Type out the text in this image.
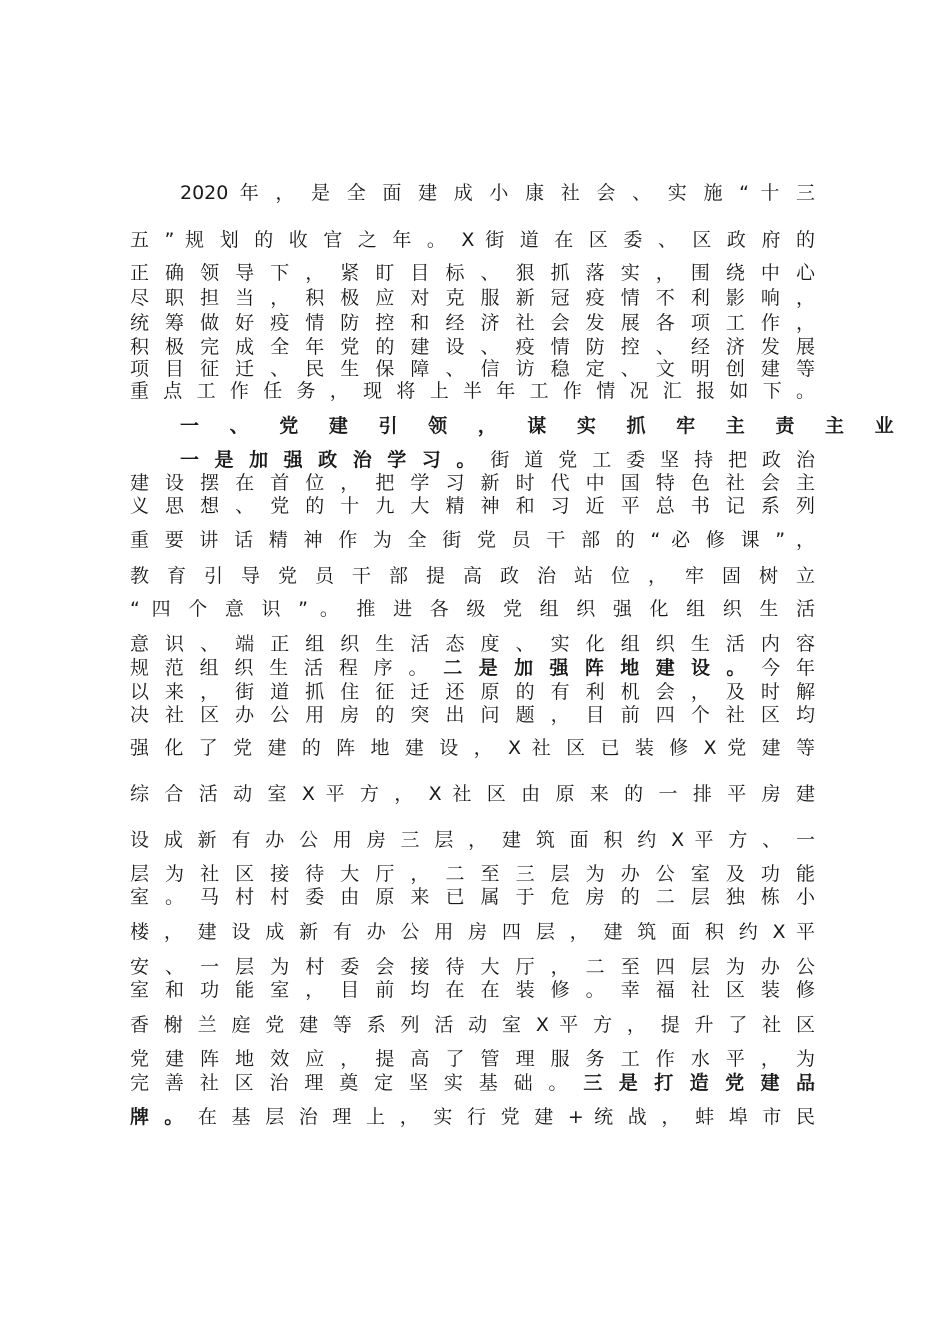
2020 年 ， 是 全 面 建 成 小 康 社 会 、 实 施 “ 十 三
五 ” 规 划 的 收 官 之 年 。 X 街 道 在 区 委 、 区 政 府 的
正 确 领 导 下 ， 紧 盯 目 标 、 狠 抓 落 实 ， 围 绕 中 心
尽 职 担 当 ， 积 极 应 对 克 服 新 冠 疫 情 不 利 影 响 ，
统 筹 做 好 疫 情 防 控 和 经 济 社 会 发 展 各 项 工 作 ，
积 极 完 成 全 年 党 的 建 设 、 疫 情 防 控 、 经 济 发 展
项 目 征 迁 、 民 生 保 障 、 信 访 稳 定 、 文 明 创 建 等
重 点 工 作 任 务 ， 现 将 上 半 年 工 作 情 况 汇 报 如 下 。
一 、 党 建 引 领 ， 谋 实 抓 牢 主 责 主 业
一 是 加 强 政 治 学 习 。 街 道 党 工 委 坚 持 把 政 治
建 设 摆 在 首 位 ， 把 学 习 新 时 代 中 国 特 色 社 会 主
义 思 想 、 党 的 十 九 大 精 神 和 习 近 平 总 书 记 系 列
重 要 讲 话 精 神 作 为 全 街 党 员 干 部 的 “ 必 修 课 ” ，
教 育 引 导 党 员 干 部 提 高 政 治 站 位 ， 牢 固 树 立
“ 四 个 意 识 ” 。 推 进 各 级 党 组 织 强 化 组 织 生 活
意 识 、 端 正 组 织 生 活 态 度 、 实 化 组 织 生 活 内 容
规 范 组 织 生 活 程 序 。 二 是 加 强 阵 地 建 设 。 今 年
以 来 ， 街 道 抓 住 征 迁 还 原 的 有 利 机 会 ， 及 时 解
决 社 区 办 公 用 房 的 突 出 问 题 ， 目 前 四 个 社 区 均
强 化 了 党 建 的 阵 地 建 设 ， X 社 区 已 装 修 X 党 建 等
综 合 活 动 室 X 平 方 ， X 社 区 由 原 来 的 一 排 平 房 建
设 成 新 有 办 公 用 房 三 层 ， 建 筑 面 积 约 X 平 方 、 一
层 为 社 区 接 待 大 厅 ， 二 至 三 层 为 办 公 室 及 功 能
室 。 马 村 村 委 由 原 来 已 属 于 危 房 的 二 层 独 栋 小
楼 ， 建 设 成 新 有 办 公 用 房 四 层 ， 建 筑 面 积 约 X 平
安 、 一 层 为 村 委 会 接 待 大 厅 ， 二 至 四 层 为 办 公
室 和 功 能 室 ， 目 前 均 在 在 装 修 。 幸 福 社 区 装 修
香 榭 兰 庭 党 建 等 系 列 活 动 室 X 平 方 ， 提 升 了 社 区
党 建 阵 地 效 应 ， 提 高 了 管 理 服 务 工 作 水 平 ， 为
完 善 社 区 治 理 奠 定 坚 实 基 础 。 三 是 打 造 党 建 品
牌 。 在 基 层 治 理 上 ， 实 行 党 建 + 统 战 ， 蚌 埠 市 民
